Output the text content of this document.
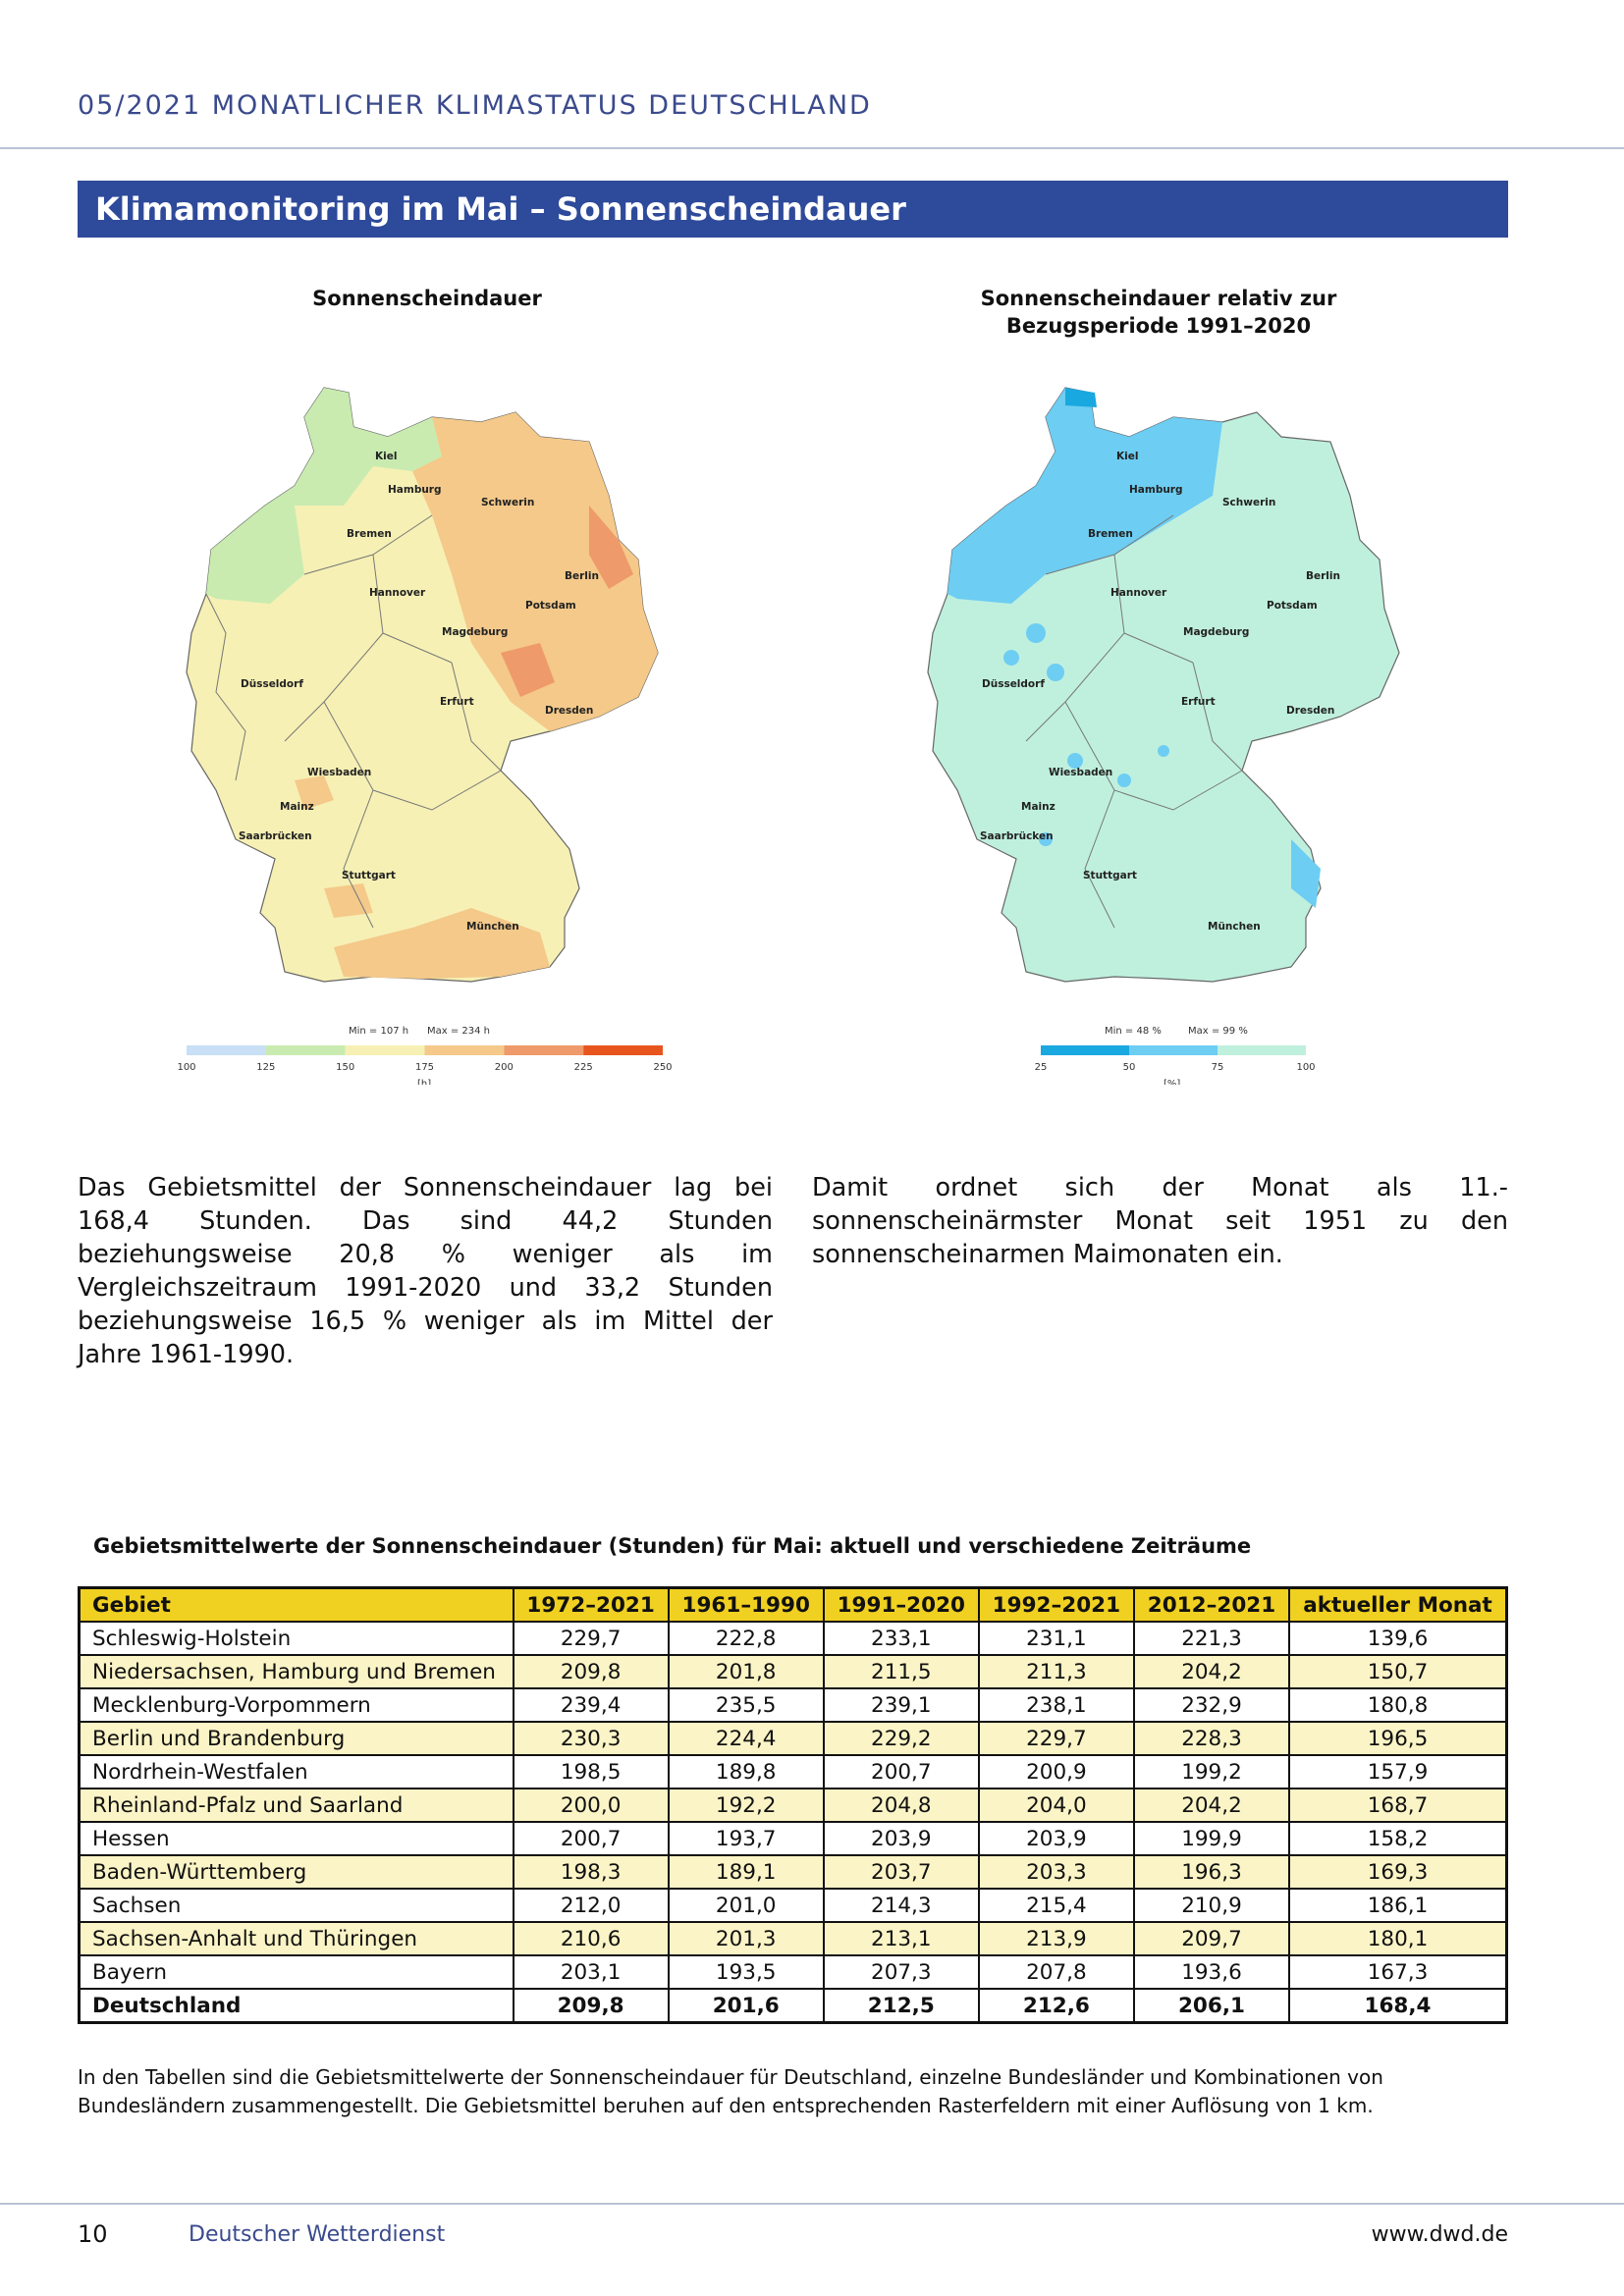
05/2021 MONATLICHER KLIMASTATUS DEUTSCHLAND
Klimamonitoring im Mai – Sonnenscheindauer
Sonnenscheindauer	Sonnenscheindauer relativ zur Bezugsperiode 1991–2020
Kiel
Hamburg
Schwerin
Bremen
Hannover
Berlin
Potsdam
Magdeburg
Düsseldorf
Erfurt
Dresden
Wiesbaden
Mainz
Saarbrücken
Stuttgart
München
Min = 107 h Max = 234 h
100	125	150	175	200	225	250
[h]
Kiel
Hamburg
Schwerin
Bremen
Hannover
Berlin
Potsdam
Magdeburg
Düsseldorf
Erfurt
Dresden
Wiesbaden
Mainz
Saarbrücken
Stuttgart
München
Min = 48 %	Max = 99 %
25	50	75	100
[%]
Das Gebietsmittel der Sonnenscheindauer lag bei 168,4 Stunden. Das sind 44,2 Stunden beziehungsweise 20,8 % weniger als im Vergleichszeitraum 1991-2020 und 33,2 Stunden beziehungsweise 16,5 % weniger als im Mittel der Jahre 1961-1990.
Damit ordnet sich der Monat als 11.-sonnenscheinärmster Monat seit 1951 zu den sonnenscheinarmen Maimonaten ein.
Gebietsmittelwerte der Sonnenscheindauer (Stunden) für Mai: aktuell und verschiedene Zeiträume
Gebiet	1972–2021	1961–1990	1991–2020	1992–2021	2012–2021	aktueller Monat
Schleswig-Holstein	229,7	222,8	233,1	231,1	221,3	139,6
Niedersachsen, Hamburg und Bremen	209,8	201,8	211,5	211,3	204,2	150,7
Mecklenburg-Vorpommern	239,4	235,5	239,1	238,1	232,9	180,8
Berlin und Brandenburg	230,3	224,4	229,2	229,7	228,3	196,5
Nordrhein-Westfalen	198,5	189,8	200,7	200,9	199,2	157,9
Rheinland-Pfalz und Saarland	200,0	192,2	204,8	204,0	204,2	168,7
Hessen	200,7	193,7	203,9	203,9	199,9	158,2
Baden-Württemberg	198,3	189,1	203,7	203,3	196,3	169,3
Sachsen	212,0	201,0	214,3	215,4	210,9	186,1
Sachsen-Anhalt und Thüringen	210,6	201,3	213,1	213,9	209,7	180,1
Bayern	203,1	193,5	207,3	207,8	193,6	167,3
Deutschland	209,8	201,6	212,5	212,6	206,1	168,4
In den Tabellen sind die Gebietsmittelwerte der Sonnenscheindauer für Deutschland, einzelne Bundesländer und Kombinationen von Bundesländern zusammengestellt. Die Gebietsmittel beruhen auf den entsprechenden Rasterfeldern mit einer Auflösung von 1 km.
10	Deutscher Wetterdienst	www.dwd.de
